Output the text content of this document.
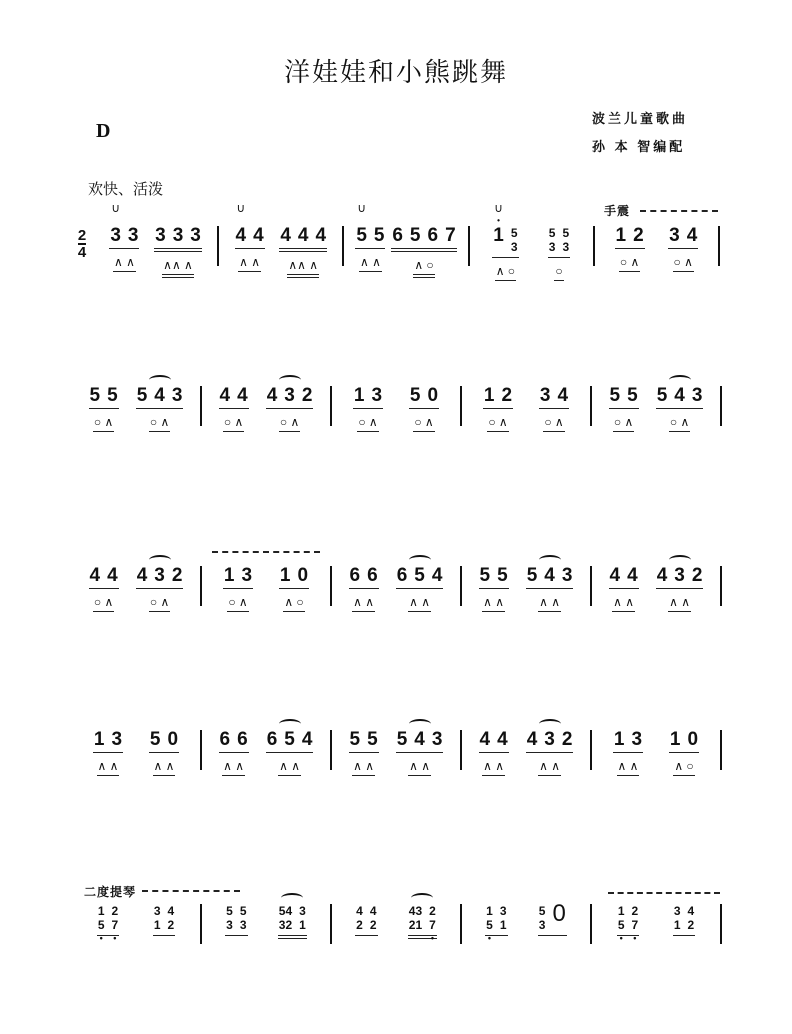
洋娃娃和小熊跳舞
D
波兰儿童歌曲
孙 本 智编配
欢快、活泼
手震
二度提琴
2
4
∪
3 3
∧ ∧
3 3 3
∧∧ ∧
∪
4 4
∧ ∧
4 4 4
∧∧ ∧
∪
5 5
∧ ∧
6 5 6 7
∧ ○
∪
•
1 5
3
∧ ○
5
3
5
3
○
1 2
○ ∧
3 4
○ ∧
5 5
○ ∧
5 4 3
○ ∧
4 4
○ ∧
4 3 2
○ ∧
1 3
○ ∧
5 0
○ ∧
1 2
○ ∧
3 4
○ ∧
5 5
○ ∧
5 4 3
○ ∧
4 4
○ ∧
4 3 2
○ ∧
1 3
○ ∧
1 0
∧ ○
6 6
∧ ∧
6 5 4
∧ ∧
5 5
∧ ∧
5 4 3
∧ ∧
4 4
∧ ∧
4 3 2
∧ ∧
1 3
∧ ∧
5 0
∧ ∧
6 6
∧ ∧
6 5 4
∧ ∧
5 5
∧ ∧
5 4 3
∧ ∧
4 4
∧ ∧
4 3 2
∧ ∧
1 3
∧ ∧
1 0
∧ ○
1
5
•
2
7
•
3
1
4
2
5
3
5
3
54
32
3
1
4
2
4
2
43
21
2
7
•
1
5
•
3
1
5
3 0	1
5
•
2
7
•
3
1
4
2
